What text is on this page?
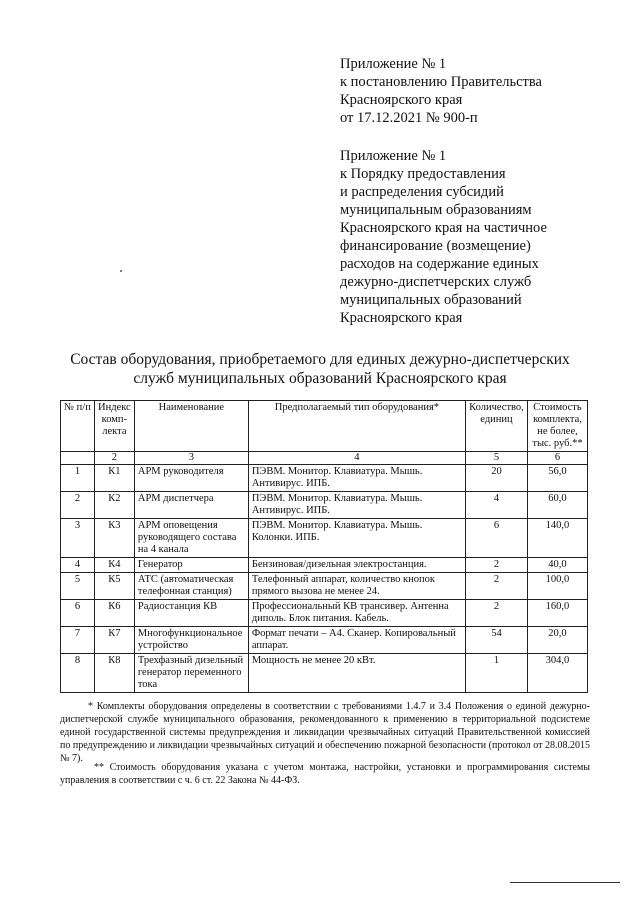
Приложение № 1
к постановлению Правительства
Красноярского края
от 17.12.2021 № 900-п
Приложение № 1
к Порядку предоставления
и распределения субсидий
муниципальным образованиям
Красноярского края на частичное
финансирование (возмещение)
расходов на содержание единых
дежурно-диспетчерских служб
муниципальных образований
Красноярского края
Состав оборудования, приобретаемого для единых дежурно-диспетчерских
служб муниципальных образований Красноярского края
№ п/п	Индекс комп-лекта	Наименование	Предполагаемый тип оборудования*	Количество, единиц	Стоимость комплекта, не более, тыс. руб.**
	2	3	4	5	6
1	К1	АРМ руководителя	ПЭВМ. Монитор. Клавиатура. Мышь. Антивирус. ИПБ.	20	56,0
2	К2	АРМ диспетчера	ПЭВМ. Монитор. Клавиатура. Мышь. Антивирус. ИПБ.	4	60,0
3	К3	АРМ оповещения руководящего состава на 4 канала	ПЭВМ. Монитор. Клавиатура. Мышь. Колонки. ИПБ.	6	140,0
4	К4	Генератор	Бензиновая/дизельная электростанция.	2	40,0
5	К5	АТС (автоматическая телефонная станция)	Телефонный аппарат, количество кнопок прямого вызова не менее 24.	2	100,0
6	К6	Радиостанция КВ	Профессиональный КВ трансивер. Антенна диполь. Блок питания. Кабель.	2	160,0
7	К7	Многофункциональное устройство	Формат печати – А4. Сканер. Копировальный аппарат.	54	20,0
8	К8	Трехфазный дизельный генератор переменного тока	Мощность не менее 20 кВт.	1	304,0
* Комплекты оборудования определены в соответствии с требованиями 1.4.7 и 3.4 Положения о единой дежурно-диспетчерской службе муниципального образования, рекомендованного к применению в территориальной подсистеме единой государственной системы предупреждения и ликвидации чрезвычайных ситуаций Правительственной комиссией по предупреждению и ликвидации чрезвычайных ситуаций и обеспечению пожарной безопасности (протокол от 28.08.2015 № 7).
** Стоимость оборудования указана с учетом монтажа, настройки, установки и программирования системы управления в соответствии с ч. 6 ст. 22 Закона № 44-ФЗ.
